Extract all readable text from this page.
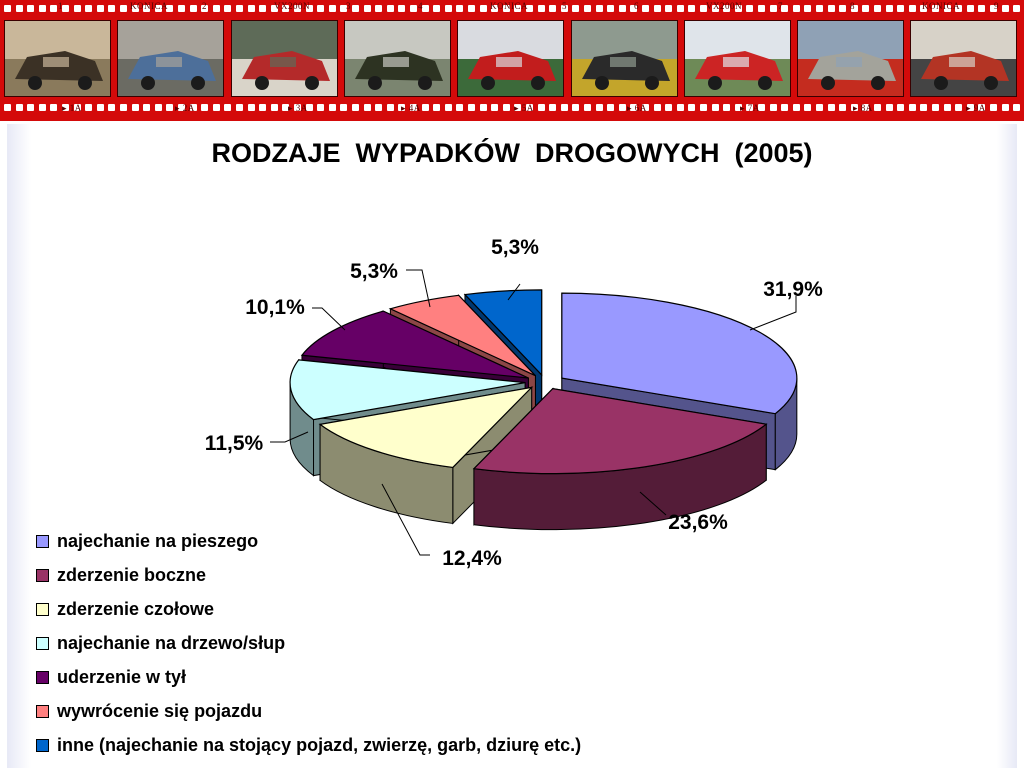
1	KONICA	2	VX200N	3	4	KONICA	5	6	VX200N	7	8	KONICA	9
▸ 1A	▸ 2A	▸ 3A	▸ 4A	▸ 5A	▸ 6A	▸ 7A	▸ 8A	▸ 9A
RODZAJE  WYPADKÓW  DROGOWYCH  (2005)
31,9%
23,6%
12,4%
11,5%
10,1%
5,3%
5,3%
najechanie na pieszego
zderzenie boczne
zderzenie czołowe
najechanie na drzewo/słup
uderzenie w tył
wywrócenie się pojazdu
inne (najechanie na stojący pojazd, zwierzę, garb, dziurę etc.)
